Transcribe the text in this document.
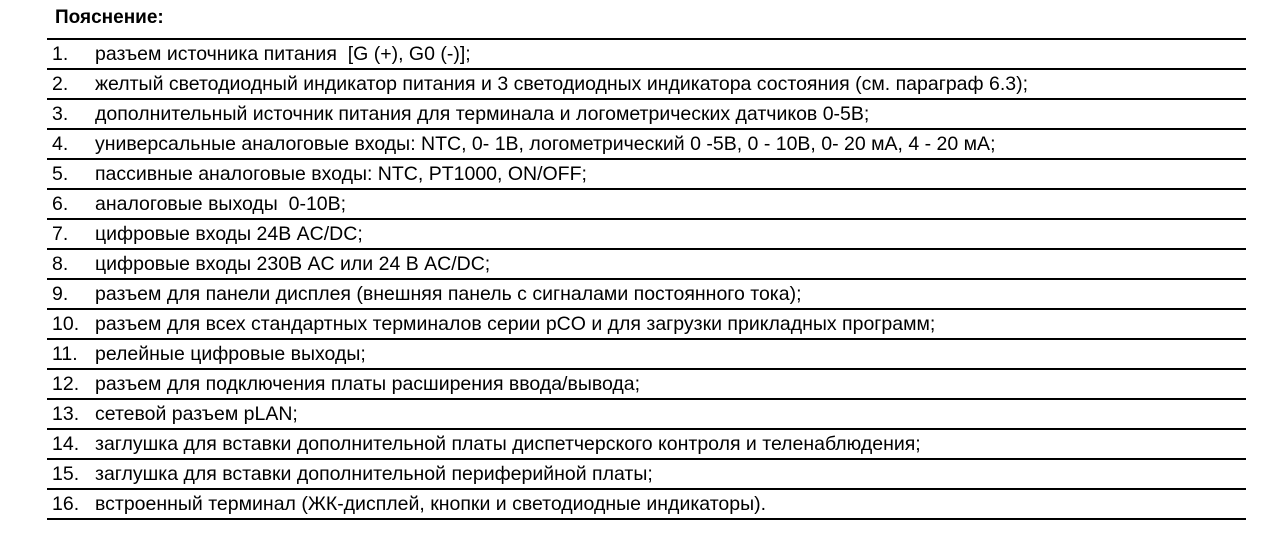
Пояснение:
1.	разъем источника питания  [G (+), G0 (-)];
2.	желтый светодиодный индикатор питания и 3 светодиодных индикатора состояния (см. параграф 6.3);
3.	дополнительный источник питания для терминала и логометрических датчиков 0-5В;
4.	универсальные аналоговые входы: NTC, 0- 1В, логометрический 0 -5В, 0 - 10В, 0- 20 мА, 4 - 20 мА;
5.	пассивные аналоговые входы: NTC, PT1000, ON/OFF;
6.	аналоговые выходы  0-10В;
7.	цифровые входы 24В AC/DC;
8.	цифровые входы 230В AC или 24 В AC/DC;
9.	разъем для панели дисплея (внешняя панель с сигналами постоянного тока);
10. разъем для всех стандартных терминалов серии pCO и для загрузки прикладных программ;
11. релейные цифровые выходы;
12. разъем для подключения платы расширения ввода/вывода;
13. сетевой разъем pLAN;
14. заглушка для вставки дополнительной платы диспетчерского контроля и теленаблюдения;
15. заглушка для вставки дополнительной периферийной платы;
16. встроенный терминал (ЖК-дисплей, кнопки и светодиодные индикаторы).
